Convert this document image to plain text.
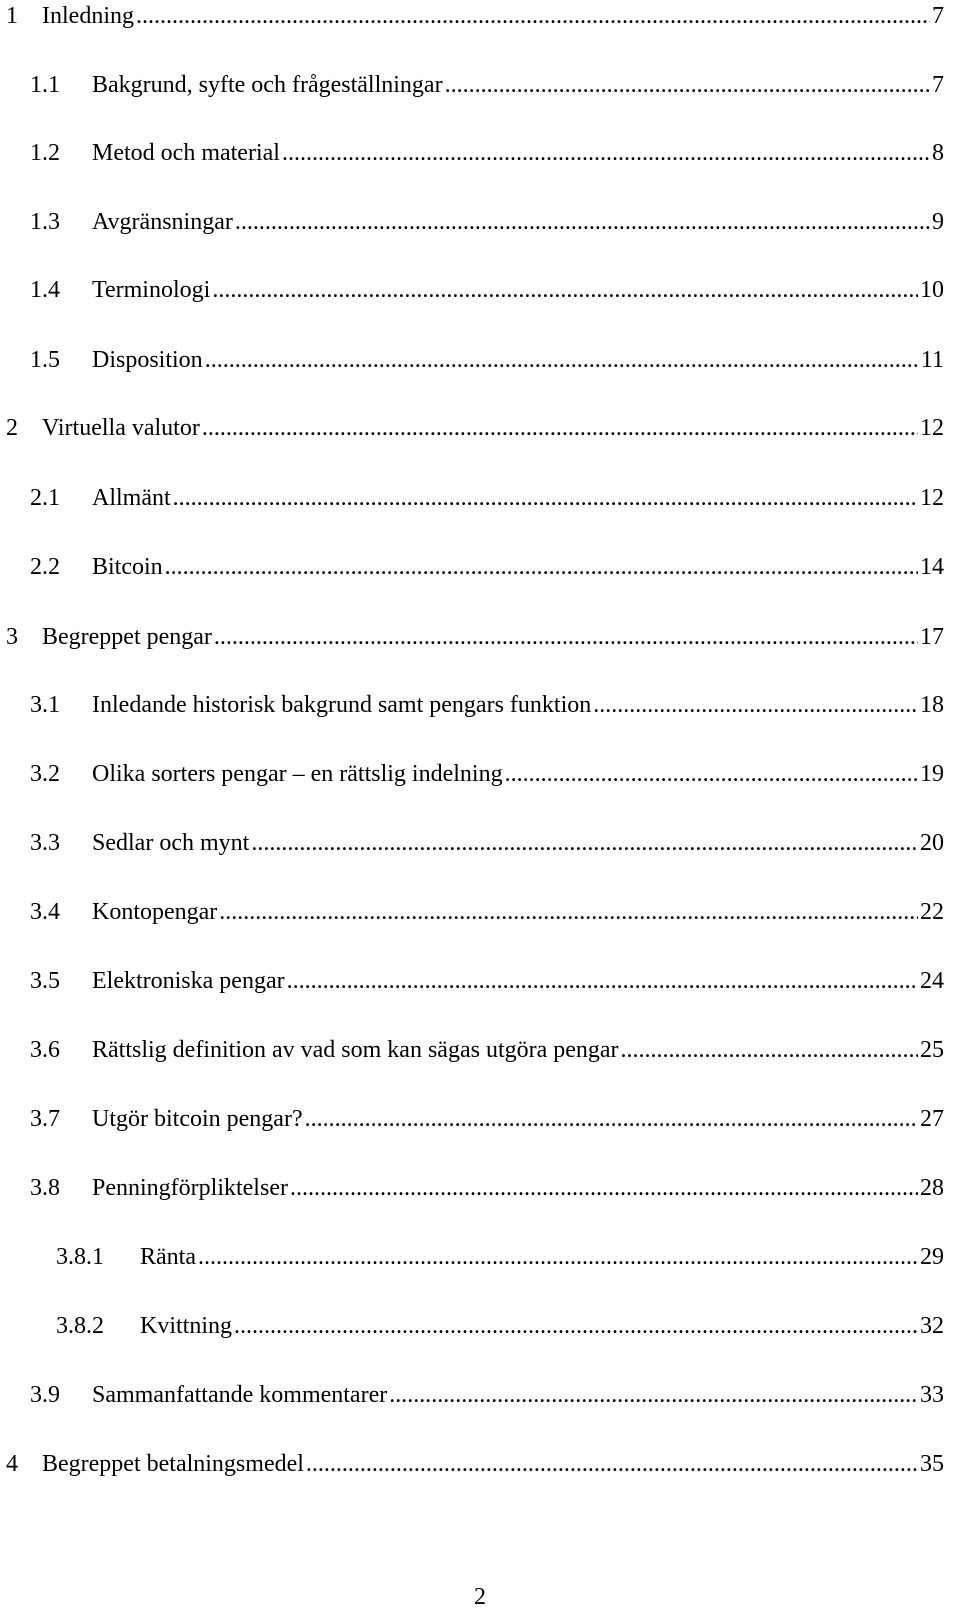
1 Inledning .....	7
1.1 Bakgrund, syfte och frågeställningar .....	7
1.2 Metod och material .....	8
1.3 Avgränsningar .....	9
1.4 Terminologi .....	10
1.5 Disposition .....	11
2 Virtuella valutor .....	12
2.1 Allmänt .....	12
2.2 Bitcoin .....	14
3 Begreppet pengar .....	17
3.1 Inledande historisk bakgrund samt pengars funktion .....	18
3.2 Olika sorters pengar – en rättslig indelning .....	19
3.3 Sedlar och mynt .....	20
3.4 Kontopengar .....	22
3.5 Elektroniska pengar .....	24
3.6 Rättslig definition av vad som kan sägas utgöra pengar .....	25
3.7 Utgör bitcoin pengar? .....	27
3.8 Penningförpliktelser .....	28
3.8.1 Ränta .....	29
3.8.2 Kvittning .....	32
3.9 Sammanfattande kommentarer .....	33
4 Begreppet betalningsmedel .....	35
2
